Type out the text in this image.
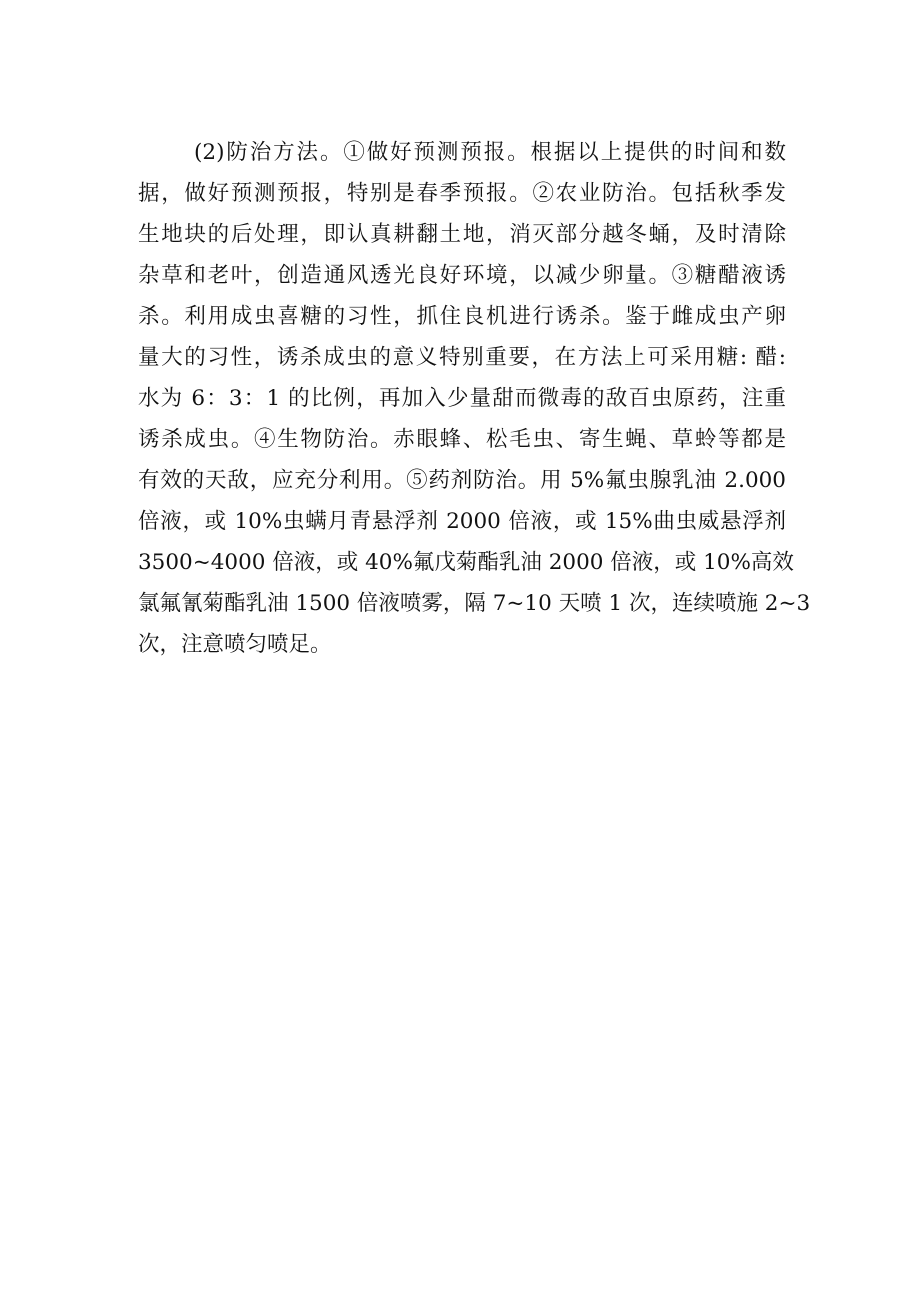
(2)防治方法。①做好预测预报。根据以上提供的时间和数
据，做好预测预报，特别是春季预报。②农业防治。包括秋季发
生地块的后处理，即认真耕翻土地，消灭部分越冬蛹，及时清除
杂草和老叶，创造通风透光良好环境，以减少卵量。③糖醋液诱
杀。利用成虫喜糖的习性，抓住良机进行诱杀。鉴于雌成虫产卵
量大的习性，诱杀成虫的意义特别重要，在方法上可采用糖: 醋:
水为 6：3：1 的比例，再加入少量甜而微毒的敌百虫原药，注重
诱杀成虫。④生物防治。赤眼蜂、松毛虫、寄生蝇、草蛉等都是
有效的天敌，应充分利用。⑤药剂防治。用 5%氟虫腺乳油 2.000
倍液，或 10%虫螨月青悬浮剂 2000 倍液，或 15%曲虫威悬浮剂
3500~4000 倍液，或 40%氟戊菊酯乳油 2000 倍液，或 10%高效
氯氟氰菊酯乳油 1500 倍液喷雾，隔 7~10 天喷 1 次，连续喷施 2~3
次，注意喷匀喷足。
